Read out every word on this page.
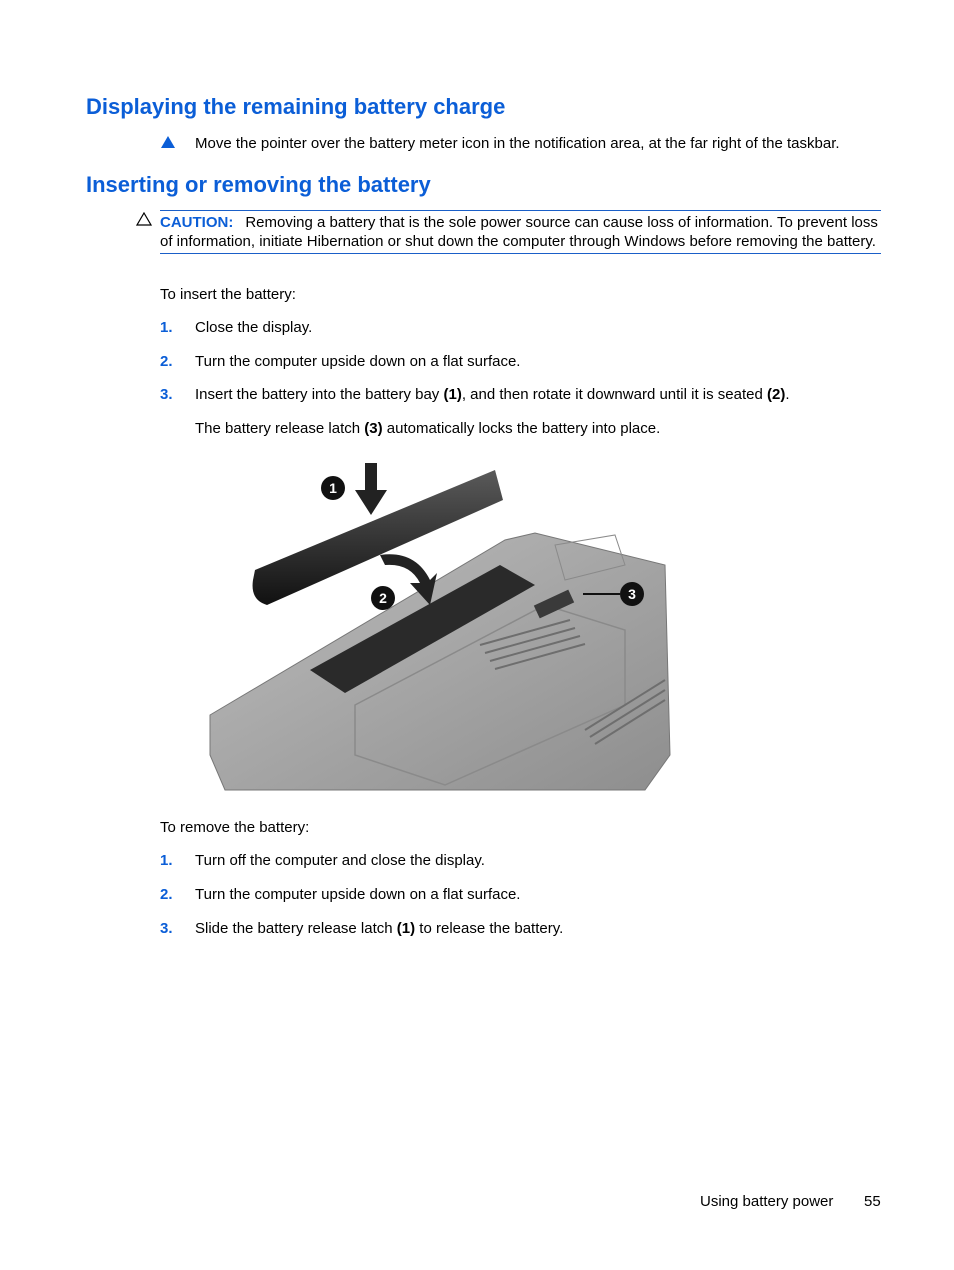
Displaying the remaining battery charge

Move the pointer over the battery meter icon in the notification area, at the far right of the taskbar.

Inserting or removing the battery

CAUTION: Removing a battery that is the sole power source can cause loss of information. To prevent loss of information, initiate Hibernation or shut down the computer through Windows before removing the battery.

To insert the battery:

1. Close the display.
2. Turn the computer upside down on a flat surface.
3. Insert the battery into the battery bay (1), and then rotate it downward until it is seated (2).
The battery release latch (3) automatically locks the battery into place.
1
2	3

To remove the battery:

1. Turn off the computer and close the display.
2. Turn the computer upside down on a flat surface.
3. Slide the battery release latch (1) to release the battery.
Using battery power 55
